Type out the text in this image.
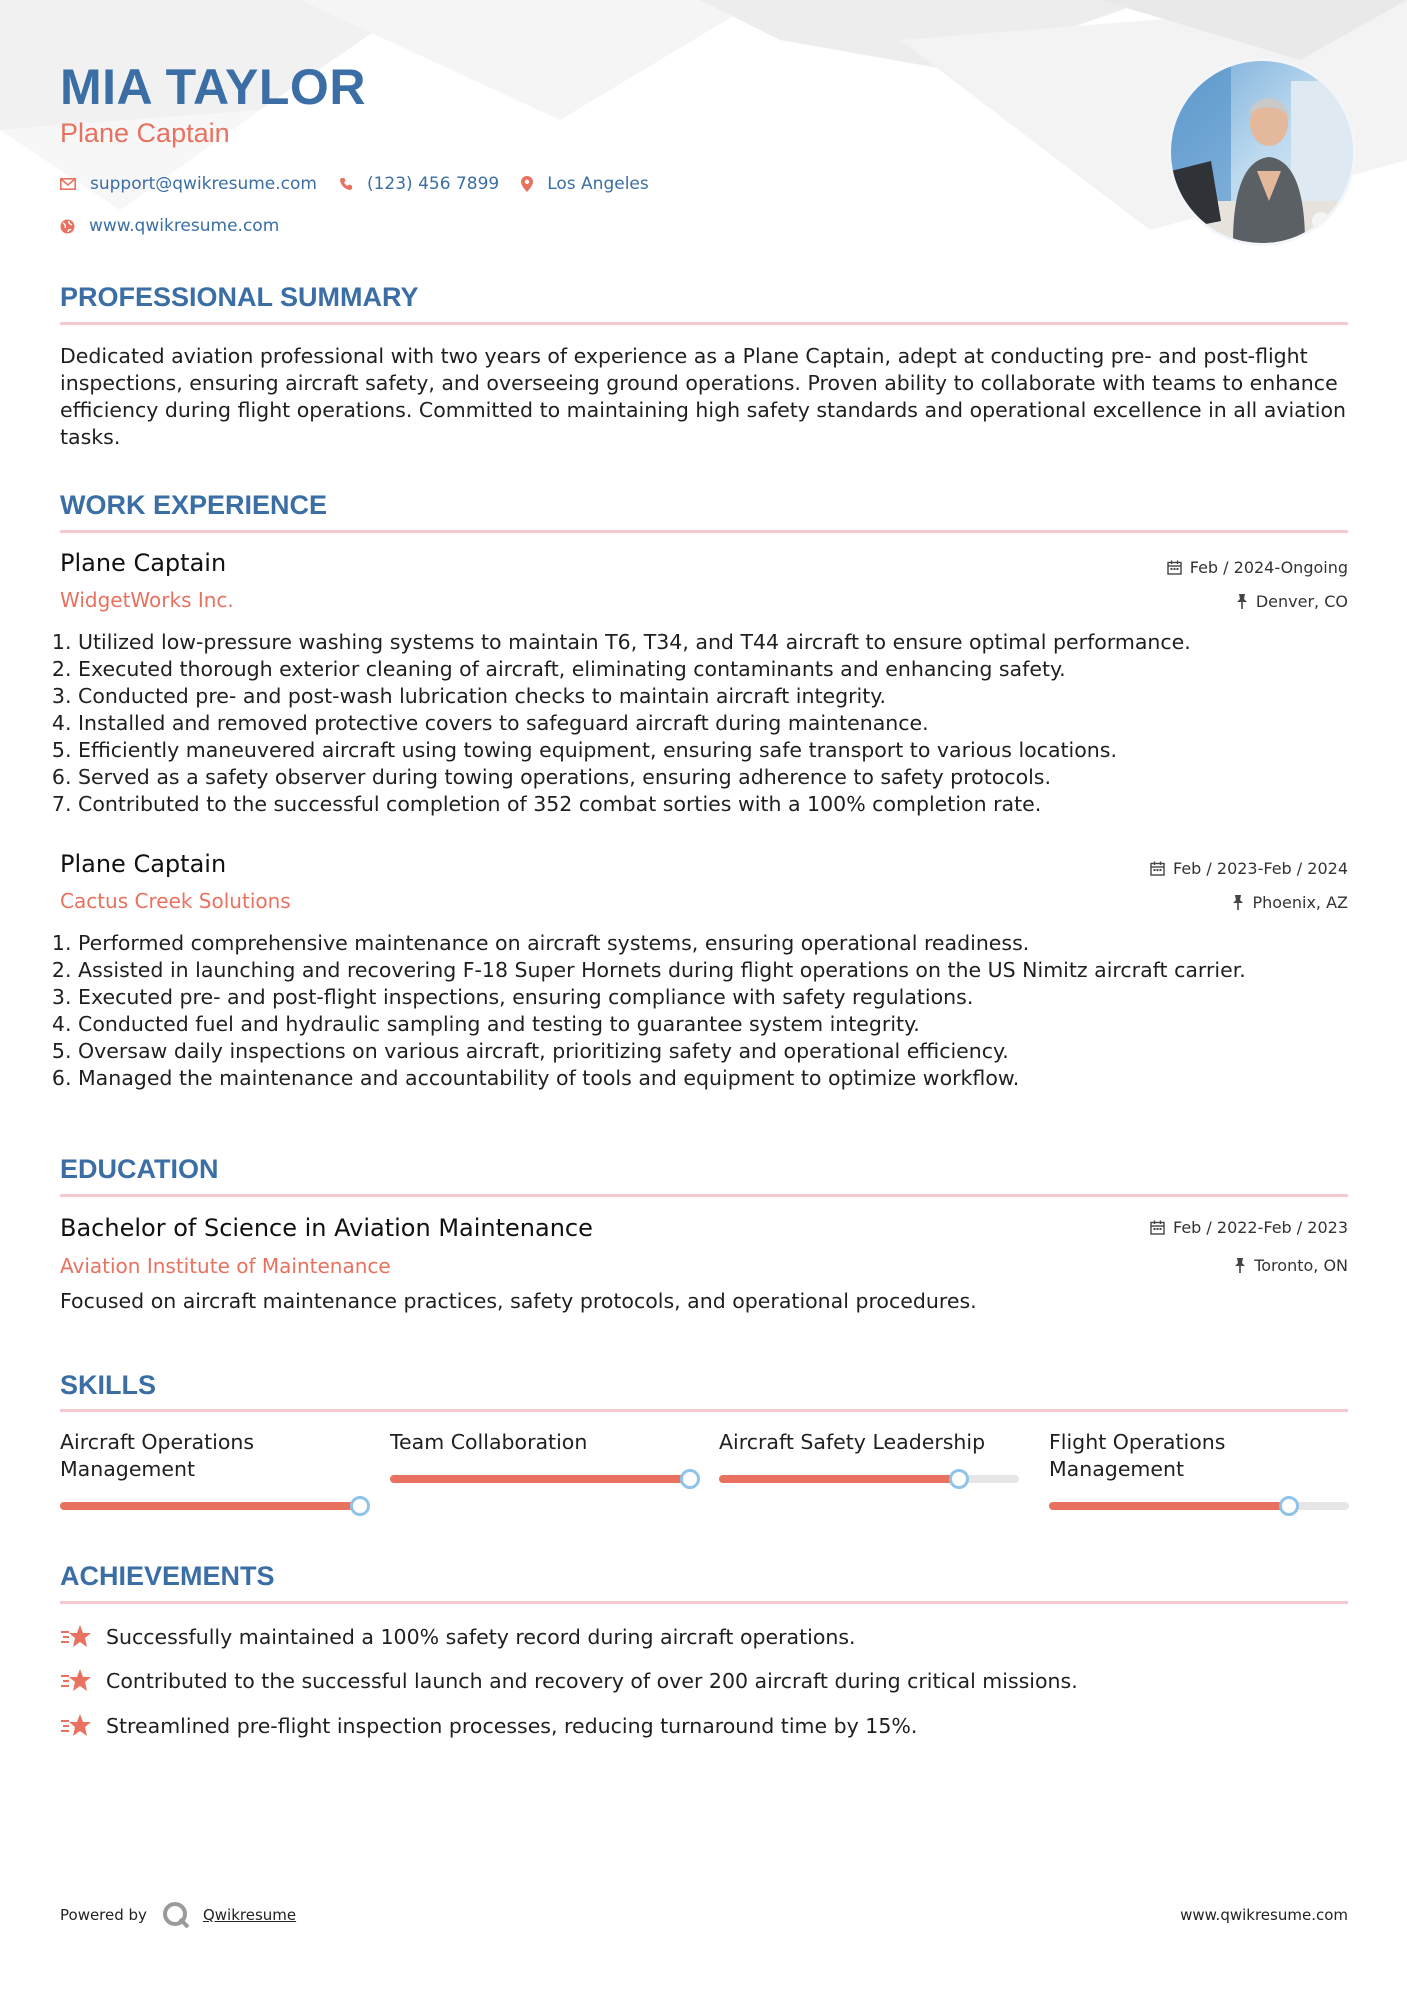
MIA TAYLOR
Plane Captain
support@qwikresume.com	(123) 456 7899	Los Angeles
www.qwikresume.com
PROFESSIONAL SUMMARY
Dedicated aviation professional with two years of experience as a Plane Captain, adept at conducting pre- and post-flight inspections, ensuring aircraft safety, and overseeing ground operations. Proven ability to collaborate with teams to enhance efficiency during flight operations. Committed to maintaining high safety standards and operational excellence in all aviation tasks.
WORK EXPERIENCE
Plane Captain	Feb / 2024-Ongoing
WidgetWorks Inc.	Denver, CO
1. Utilized low-pressure washing systems to maintain T6, T34, and T44 aircraft to ensure optimal performance.
2. Executed thorough exterior cleaning of aircraft, eliminating contaminants and enhancing safety.
3. Conducted pre- and post-wash lubrication checks to maintain aircraft integrity.
4. Installed and removed protective covers to safeguard aircraft during maintenance.
5. Efficiently maneuvered aircraft using towing equipment, ensuring safe transport to various locations.
6. Served as a safety observer during towing operations, ensuring adherence to safety protocols.
7. Contributed to the successful completion of 352 combat sorties with a 100% completion rate.
Plane Captain	Feb / 2023-Feb / 2024
Cactus Creek Solutions	Phoenix, AZ
1. Performed comprehensive maintenance on aircraft systems, ensuring operational readiness.
2. Assisted in launching and recovering F-18 Super Hornets during flight operations on the US Nimitz aircraft carrier.
3. Executed pre- and post-flight inspections, ensuring compliance with safety regulations.
4. Conducted fuel and hydraulic sampling and testing to guarantee system integrity.
5. Oversaw daily inspections on various aircraft, prioritizing safety and operational efficiency.
6. Managed the maintenance and accountability of tools and equipment to optimize workflow.
EDUCATION
Bachelor of Science in Aviation Maintenance	Feb / 2022-Feb / 2023
Aviation Institute of Maintenance	Toronto, ON
Focused on aircraft maintenance practices, safety protocols, and operational procedures.
SKILLS
Aircraft Operations Management
Team Collaboration	Aircraft Safety Leadership	Flight Operations Management
ACHIEVEMENTS
Successfully maintained a 100% safety record during aircraft operations.
Contributed to the successful launch and recovery of over 200 aircraft during critical missions.
Streamlined pre-flight inspection processes, reducing turnaround time by 15%.
Powered by	Qwikresume	www.qwikresume.com
